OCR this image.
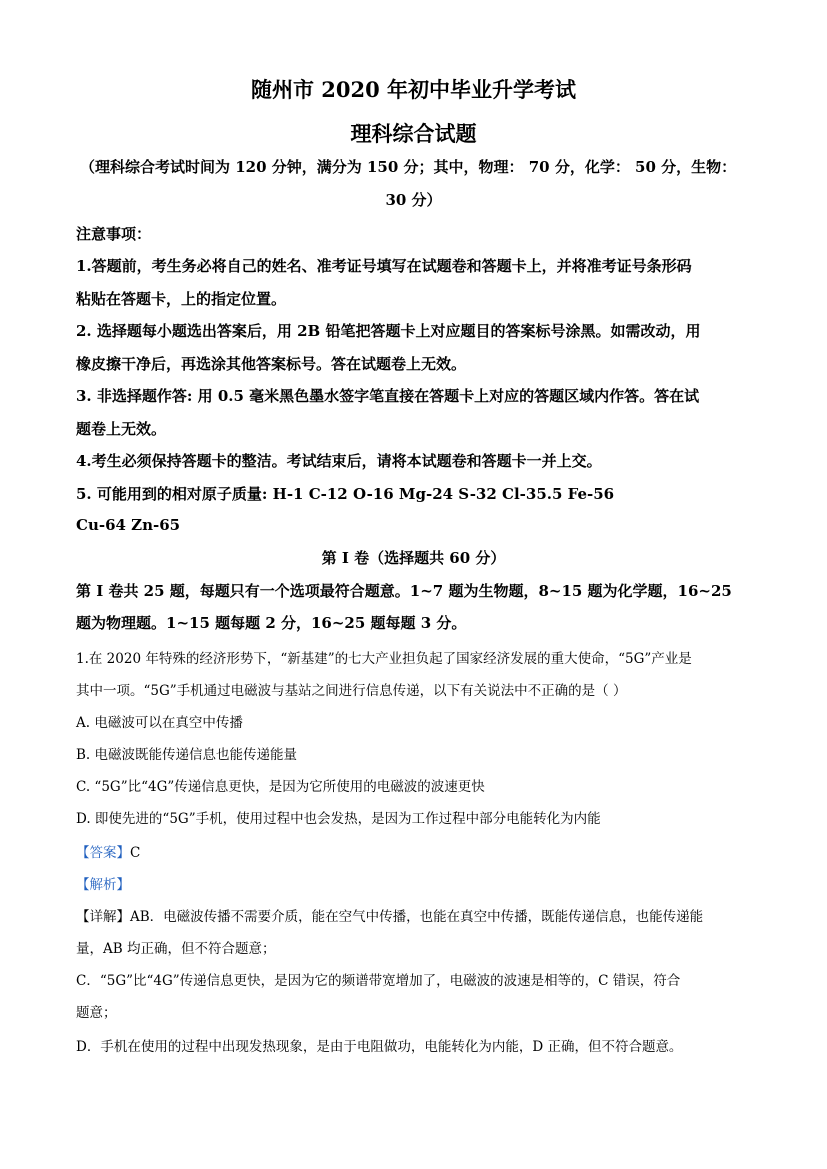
随州市 2020 年初中毕业升学考试
理科综合试题
（理科综合考试时间为 120 分钟，满分为 150 分；其中，物理： 70 分，化学： 50 分，生物：
30 分）
注意事项：
1.答题前，考生务必将自己的姓名、准考证号填写在试题卷和答题卡上，并将准考证号条形码
粘贴在答题卡，上的指定位置。
2. 选择题每小题选出答案后，用 2B 铅笔把答题卡上对应题目的答案标号涂黑。如需改动，用
橡皮擦干净后，再选涂其他答案标号。答在试题卷上无效。
3. 非选择题作答: 用 0.5 毫米黑色墨水签字笔直接在答题卡上对应的答题区域内作答。答在试
题卷上无效。
4.考生必须保持答题卡的整洁。考试结束后，请将本试题卷和答题卡一并上交。
5. 可能用到的相对原子质量: H-1 C-12 O-16 Mg-24 S-32 Cl-35.5 Fe-56
Cu-64 Zn-65
第 I 卷（选择题共 60 分）
第 I 卷共 25 题，每题只有一个选项最符合题意。1~7 题为生物题，8~15 题为化学题，16~25
题为物理题。1~15 题每题 2 分，16~25 题每题 3 分。
1.在 2020 年特殊的经济形势下，“新基建”的七大产业担负起了国家经济发展的重大使命，“5G”产业是
其中一项。“5G”手机通过电磁波与基站之间进行信息传递，以下有关说法中不正确的是（ ）
A. 电磁波可以在真空中传播
B. 电磁波既能传递信息也能传递能量
C. “5G”比“4G”传递信息更快，是因为它所使用的电磁波的波速更快
D. 即使先进的“5G”手机，使用过程中也会发热，是因为工作过程中部分电能转化为内能
【答案】C
【解析】
【详解】AB．电磁波传播不需要介质，能在空气中传播，也能在真空中传播，既能传递信息，也能传递能
量，AB 均正确，但不符合题意；
C．“5G”比“4G”传递信息更快，是因为它的频谱带宽增加了，电磁波的波速是相等的，C 错误，符合
题意；
D．手机在使用的过程中出现发热现象，是由于电阻做功，电能转化为内能，D 正确，但不符合题意。
